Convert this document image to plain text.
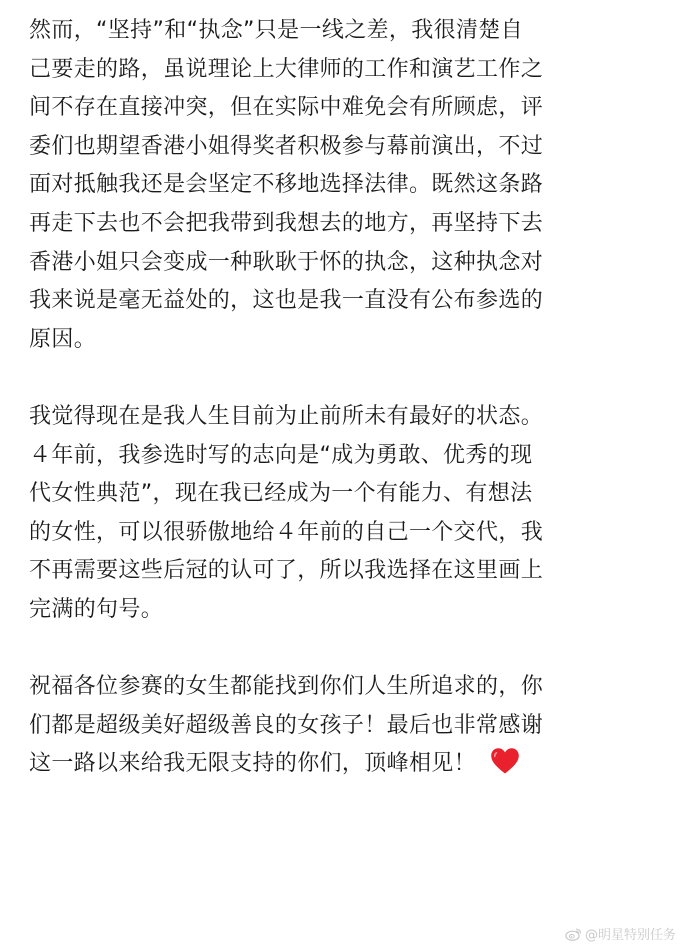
然而，“坚持”和“执念”只是一线之差，我很清楚自
己要走的路，虽说理论上大律师的工作和演艺工作之
间不存在直接冲突，但在实际中难免会有所顾虑，评
委们也期望香港小姐得奖者积极参与幕前演出，不过
面对抵触我还是会坚定不移地选择法律。既然这条路
再走下去也不会把我带到我想去的地方，再坚持下去
香港小姐只会变成一种耿耿于怀的执念，这种执念对
我来说是毫无益处的，这也是我一直没有公布参选的
原因。
我觉得现在是我人生目前为止前所未有最好的状态。
４年前，我参选时写的志向是“成为勇敢、优秀的现
代女性典范”，现在我已经成为一个有能力、有想法
的女性，可以很骄傲地给４年前的自己一个交代，我
不再需要这些后冠的认可了，所以我选择在这里画上
完满的句号。
祝福各位参赛的女生都能找到你们人生所追求的，你
们都是超级美好超级善良的女孩子！最后也非常感谢
这一路以来给我无限支持的你们，顶峰相见！
@明星特别任务
